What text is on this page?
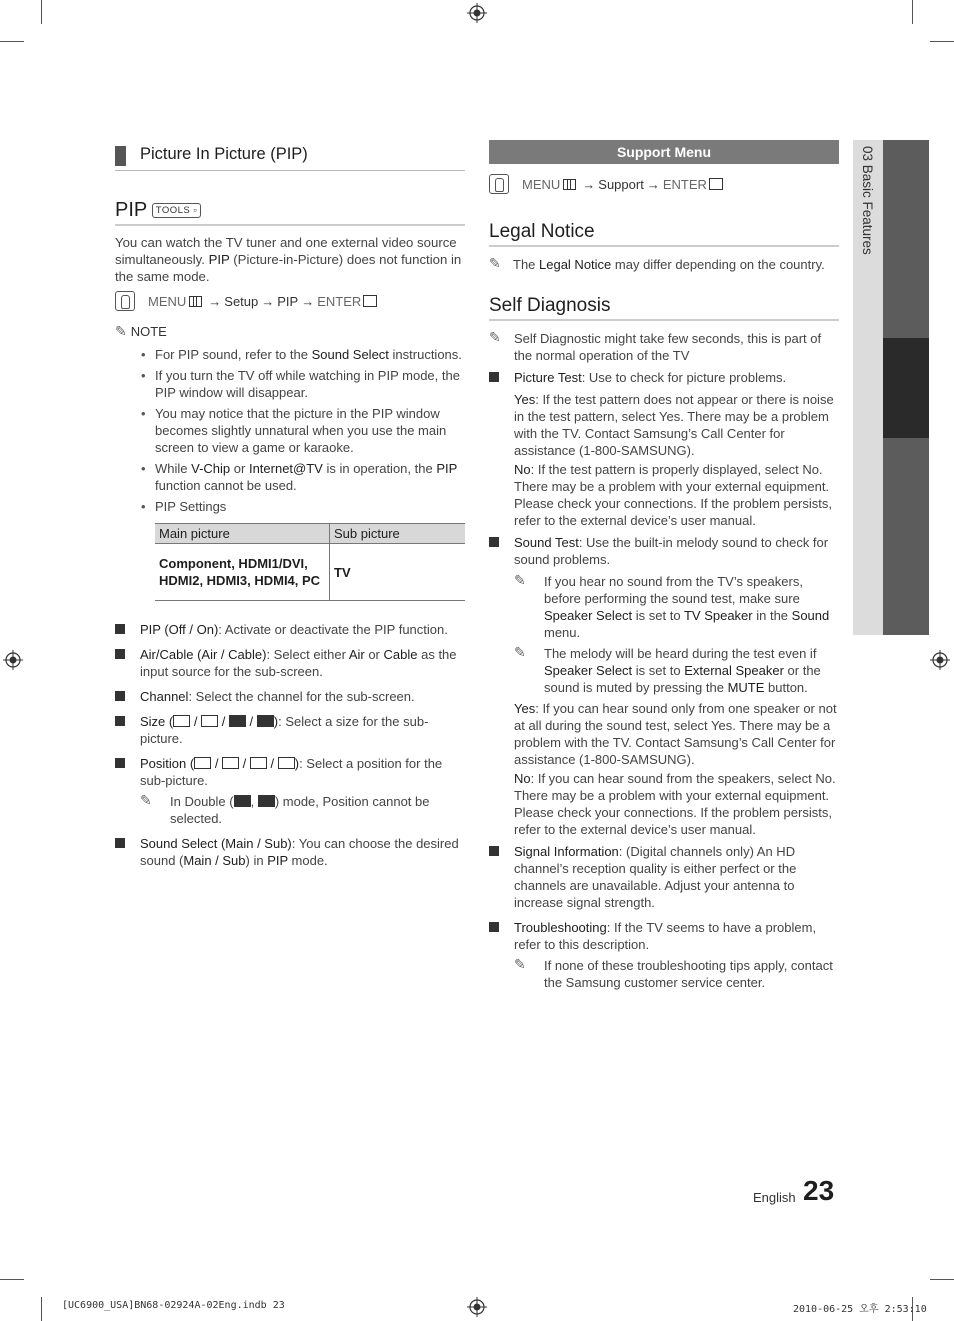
Picture In Picture (PIP)
PIP TOOLS ▫
You can watch the TV tuner and one external video source simultaneously. PIP (Picture-in-Picture) does not function in the same mode.
MENU → Setup → PIP → ENTER
✎ NOTE
• For PIP sound, refer to the Sound Select instructions.
• If you turn the TV off while watching in PIP mode, the PIP window will disappear.
• You may notice that the picture in the PIP window becomes slightly unnatural when you use the main screen to view a game or karaoke.
• While V-Chip or Internet@TV is in operation, the PIP function cannot be used.
• PIP Settings
Main picture	Sub picture
Component, HDMI1/DVI, HDMI2, HDMI3, HDMI4, PC	TV
PIP (Off / On): Activate or deactivate the PIP function.
Air/Cable (Air / Cable): Select either Air or Cable as the input source for the sub-screen.
Channel: Select the channel for the sub-screen.
Size ( /  /  / ): Select a size for the sub-picture.
Position ( /  /  / ): Select a position for the sub-picture.
✎ In Double ( , ) mode, Position cannot be selected.
Sound Select (Main / Sub): You can choose the desired sound (Main / Sub) in PIP mode.
Support Menu
MENU → Support → ENTER
Legal Notice
✎ The Legal Notice may differ depending on the country.
Self Diagnosis
✎ Self Diagnostic might take few seconds, this is part of the normal operation of the TV
Picture Test: Use to check for picture problems.
Yes: If the test pattern does not appear or there is noise in the test pattern, select Yes. There may be a problem with the TV. Contact Samsung’s Call Center for assistance (1-800-SAMSUNG).
No: If the test pattern is properly displayed, select No. There may be a problem with your external equipment. Please check your connections. If the problem persists, refer to the external device’s user manual.
Sound Test: Use the built-in melody sound to check for sound problems.
✎ If you hear no sound from the TV’s speakers, before performing the sound test, make sure Speaker Select is set to TV Speaker in the Sound menu.
✎ The melody will be heard during the test even if Speaker Select is set to External Speaker or the sound is muted by pressing the MUTE button.
Yes: If you can hear sound only from one speaker or not at all during the sound test, select Yes. There may be a problem with the TV. Contact Samsung’s Call Center for assistance (1-800-SAMSUNG).
No: If you can hear sound from the speakers, select No. There may be a problem with your external equipment. Please check your connections. If the problem persists, refer to the external device’s user manual.
Signal Information: (Digital channels only) An HD channel’s reception quality is either perfect or the channels are unavailable. Adjust your antenna to increase signal strength.
Troubleshooting: If the TV seems to have a problem, refer to this description.
✎ If none of these troubleshooting tips apply, contact the Samsung customer service center.
03 Basic Features
English 23
[UC6900_USA]BN68-02924A-02Eng.indb 23	2010-06-25 오후 2:53:10
